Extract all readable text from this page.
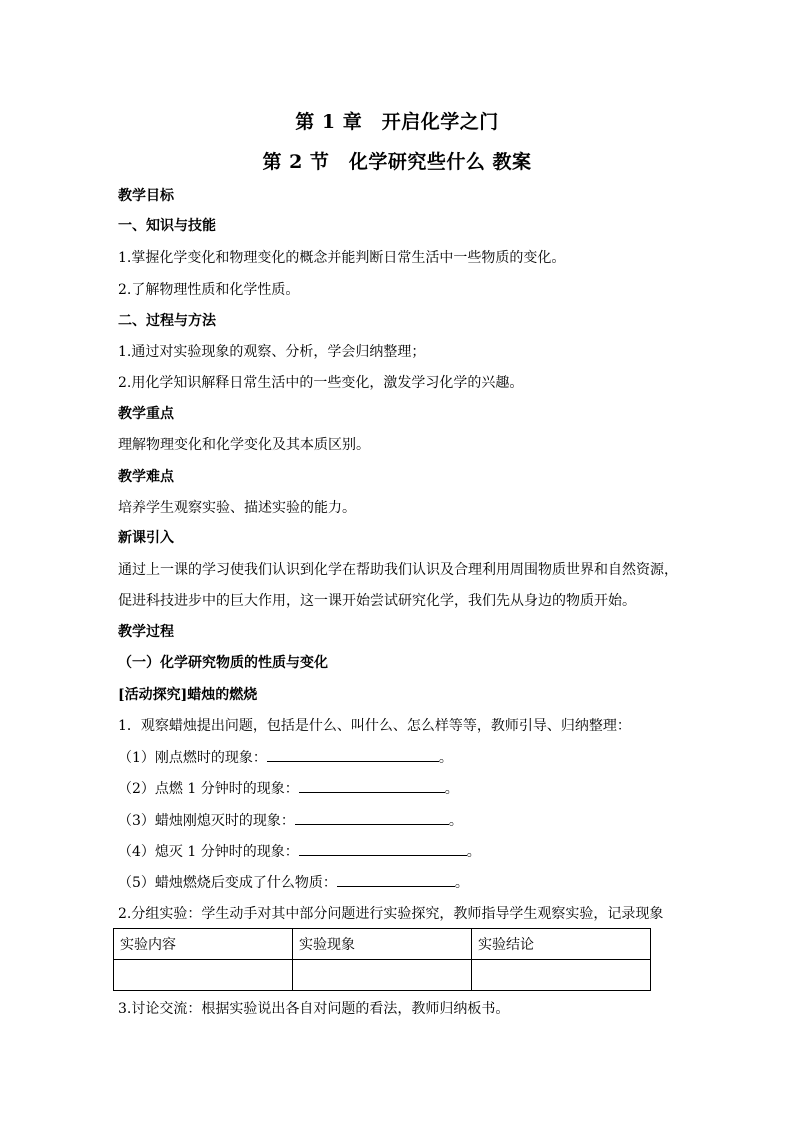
第 1 章　开启化学之门
第 2 节　化学研究些什么 教案
教学目标
一、知识与技能
1.掌握化学变化和物理变化的概念并能判断日常生活中一些物质的变化。
2.了解物理性质和化学性质。
二、过程与方法
1.通过对实验现象的观察、分析，学会归纳整理；
2.用化学知识解释日常生活中的一些变化，激发学习化学的兴趣。
教学重点
理解物理变化和化学变化及其本质区别。
教学难点
培养学生观察实验、描述实验的能力。
新课引入
通过上一课的学习使我们认识到化学在帮助我们认识及合理利用周围物质世界和自然资源，
促进科技进步中的巨大作用，这一课开始尝试研究化学，我们先从身边的物质开始。
教学过程
（一）化学研究物质的性质与变化
[活动探究]蜡烛的燃烧
1．观察蜡烛提出问题，包括是什么、叫什么、怎么样等等，教师引导、归纳整理：
（1）刚点燃时的现象：	。
（2）点燃 1 分钟时的现象：	。
（3）蜡烛刚熄灭时的现象：	。
（4）熄灭 1 分钟时的现象：	。
（5）蜡烛燃烧后变成了什么物质：	。
2.分组实验：学生动手对其中部分问题进行实验探究，教师指导学生观察实验，记录现象
实验内容	实验现象	实验结论

3.讨论交流：根据实验说出各自对问题的看法，教师归纳板书。
